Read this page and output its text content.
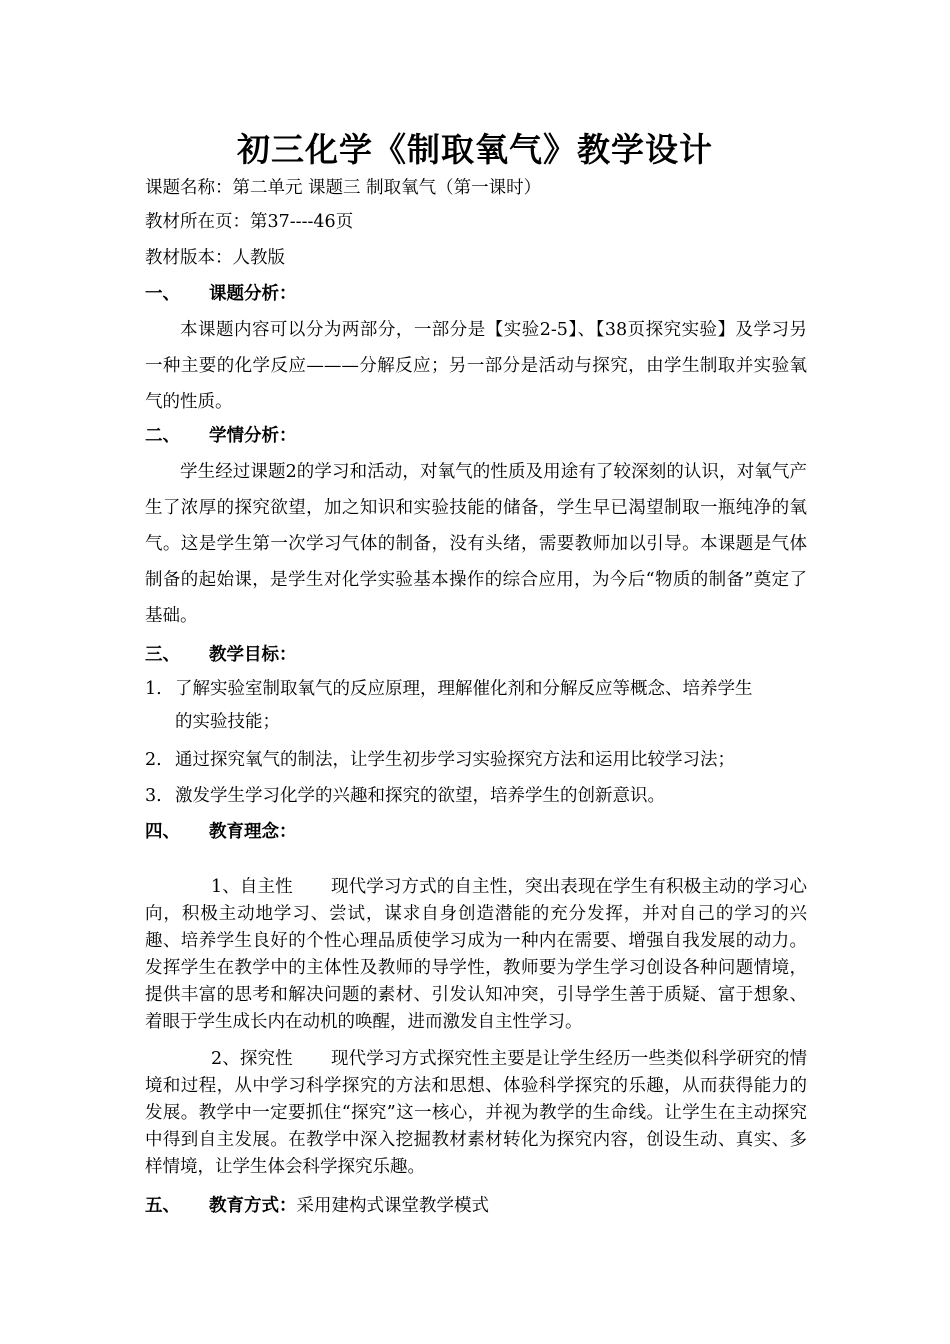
初三化学《制取氧气》教学设计
课题名称：第二单元 课题三 制取氧气（第一课时）
教材所在页：第37----46页
教材版本：人教版
一、 课题分析：
本课题内容可以分为两部分，一部分是【实验2-5】、【38页探究实验】及学习另一种主要的化学反应———分解反应；另一部分是活动与探究，由学生制取并实验氧气的性质。
二、 学情分析：
学生经过课题2的学习和活动，对氧气的性质及用途有了较深刻的认识，对氧气产生了浓厚的探究欲望，加之知识和实验技能的储备，学生早已渴望制取一瓶纯净的氧气。这是学生第一次学习气体的制备，没有头绪，需要教师加以引导。本课题是气体制备的起始课，是学生对化学实验基本操作的综合应用，为今后“物质的制备”奠定了基础。
三、 教学目标：
1. 了解实验室制取氧气的反应原理，理解催化剂和分解反应等概念、培养学生
的实验技能；
2. 通过探究氧气的制法，让学生初步学习实验探究方法和运用比较学习法；
3. 激发学生学习化学的兴趣和探究的欲望，培养学生的创新意识。
四、 教育理念：
1、自主性 现代学习方式的自主性，突出表现在学生有积极主动的学习心向，积极主动地学习、尝试，谋求自身创造潜能的充分发挥，并对自己的学习的兴趣、培养学生良好的个性心理品质使学习成为一种内在需要、增强自我发展的动力。发挥学生在教学中的主体性及教师的导学性，教师要为学生学习创设各种问题情境，提供丰富的思考和解决问题的素材、引发认知冲突，引导学生善于质疑、富于想象、着眼于学生成长内在动机的唤醒，进而激发自主性学习。
2、探究性 现代学习方式探究性主要是让学生经历一些类似科学研究的情境和过程，从中学习科学探究的方法和思想、体验科学探究的乐趣，从而获得能力的发展。教学中一定要抓住“探究”这一核心，并视为教学的生命线。让学生在主动探究中得到自主发展。在教学中深入挖掘教材素材转化为探究内容，创设生动、真实、多样情境，让学生体会科学探究乐趣。
五、 教育方式：采用建构式课堂教学模式
